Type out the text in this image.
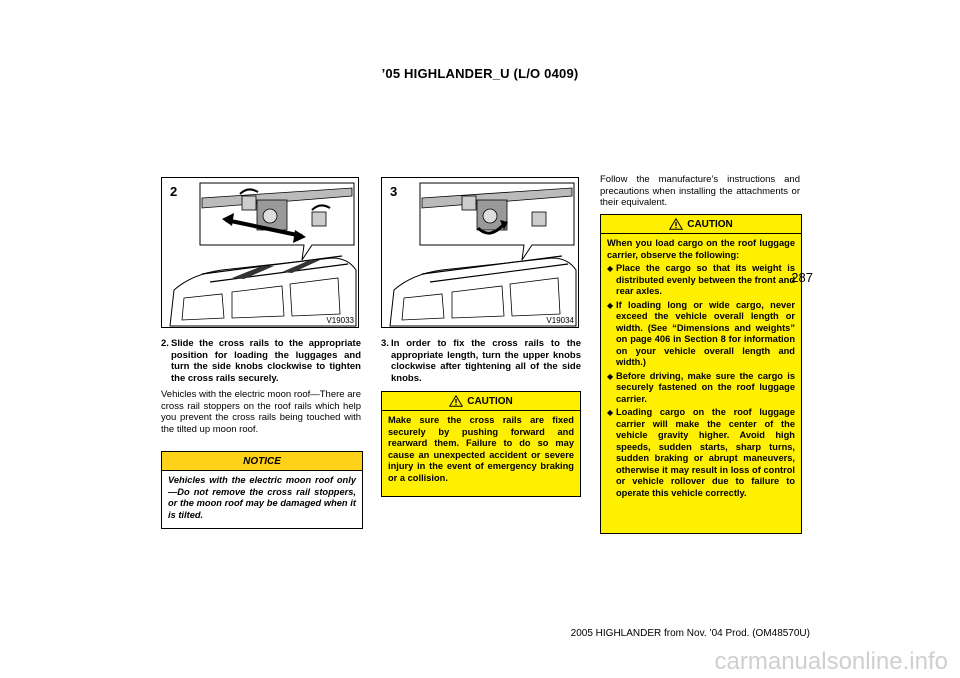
’05 HIGHLANDER_U (L/O 0409)
2
V19033
3
V19034
2. Slide the cross rails to the appropriate position for loading the luggages and turn the side knobs clockwise to tighten the cross rails securely.
Vehicles with the electric moon roof—There are cross rail stoppers on the roof rails which help you prevent the cross rails being touched with the tilted up moon roof.
NOTICE
Vehicles with the electric moon roof only—Do not remove the cross rail stoppers, or the moon roof may be damaged when it is tilted.
3. In order to fix the cross rails to the appropriate length, turn the upper knobs clockwise after tightening all of the side knobs.
CAUTION
Make sure the cross rails are fixed securely by pushing forward and rearward them. Failure to do so may cause an unexpected accident or severe injury in the event of emergency braking or a collision.
Follow the manufacture’s instructions and precautions when installing the attachments or their equivalent.
CAUTION
When you load cargo on the roof luggage carrier, observe the following:
◆ Place the cargo so that its weight is distributed evenly between the front and rear axles.
◆ If loading long or wide cargo, never exceed the vehicle overall length or width. (See “Dimensions and weights” on page 406 in Section 8 for information on your vehicle overall length and width.)
◆ Before driving, make sure the cargo is securely fastened on the roof luggage carrier.
◆ Loading cargo on the roof luggage carrier will make the center of the vehicle gravity higher. Avoid high speeds, sudden starts, sharp turns, sudden braking or abrupt maneuvers, otherwise it may result in loss of control or vehicle rollover due to failure to operate this vehicle correctly.
287
2005 HIGHLANDER from Nov. ’04 Prod. (OM48570U)
carmanualsonline.info
